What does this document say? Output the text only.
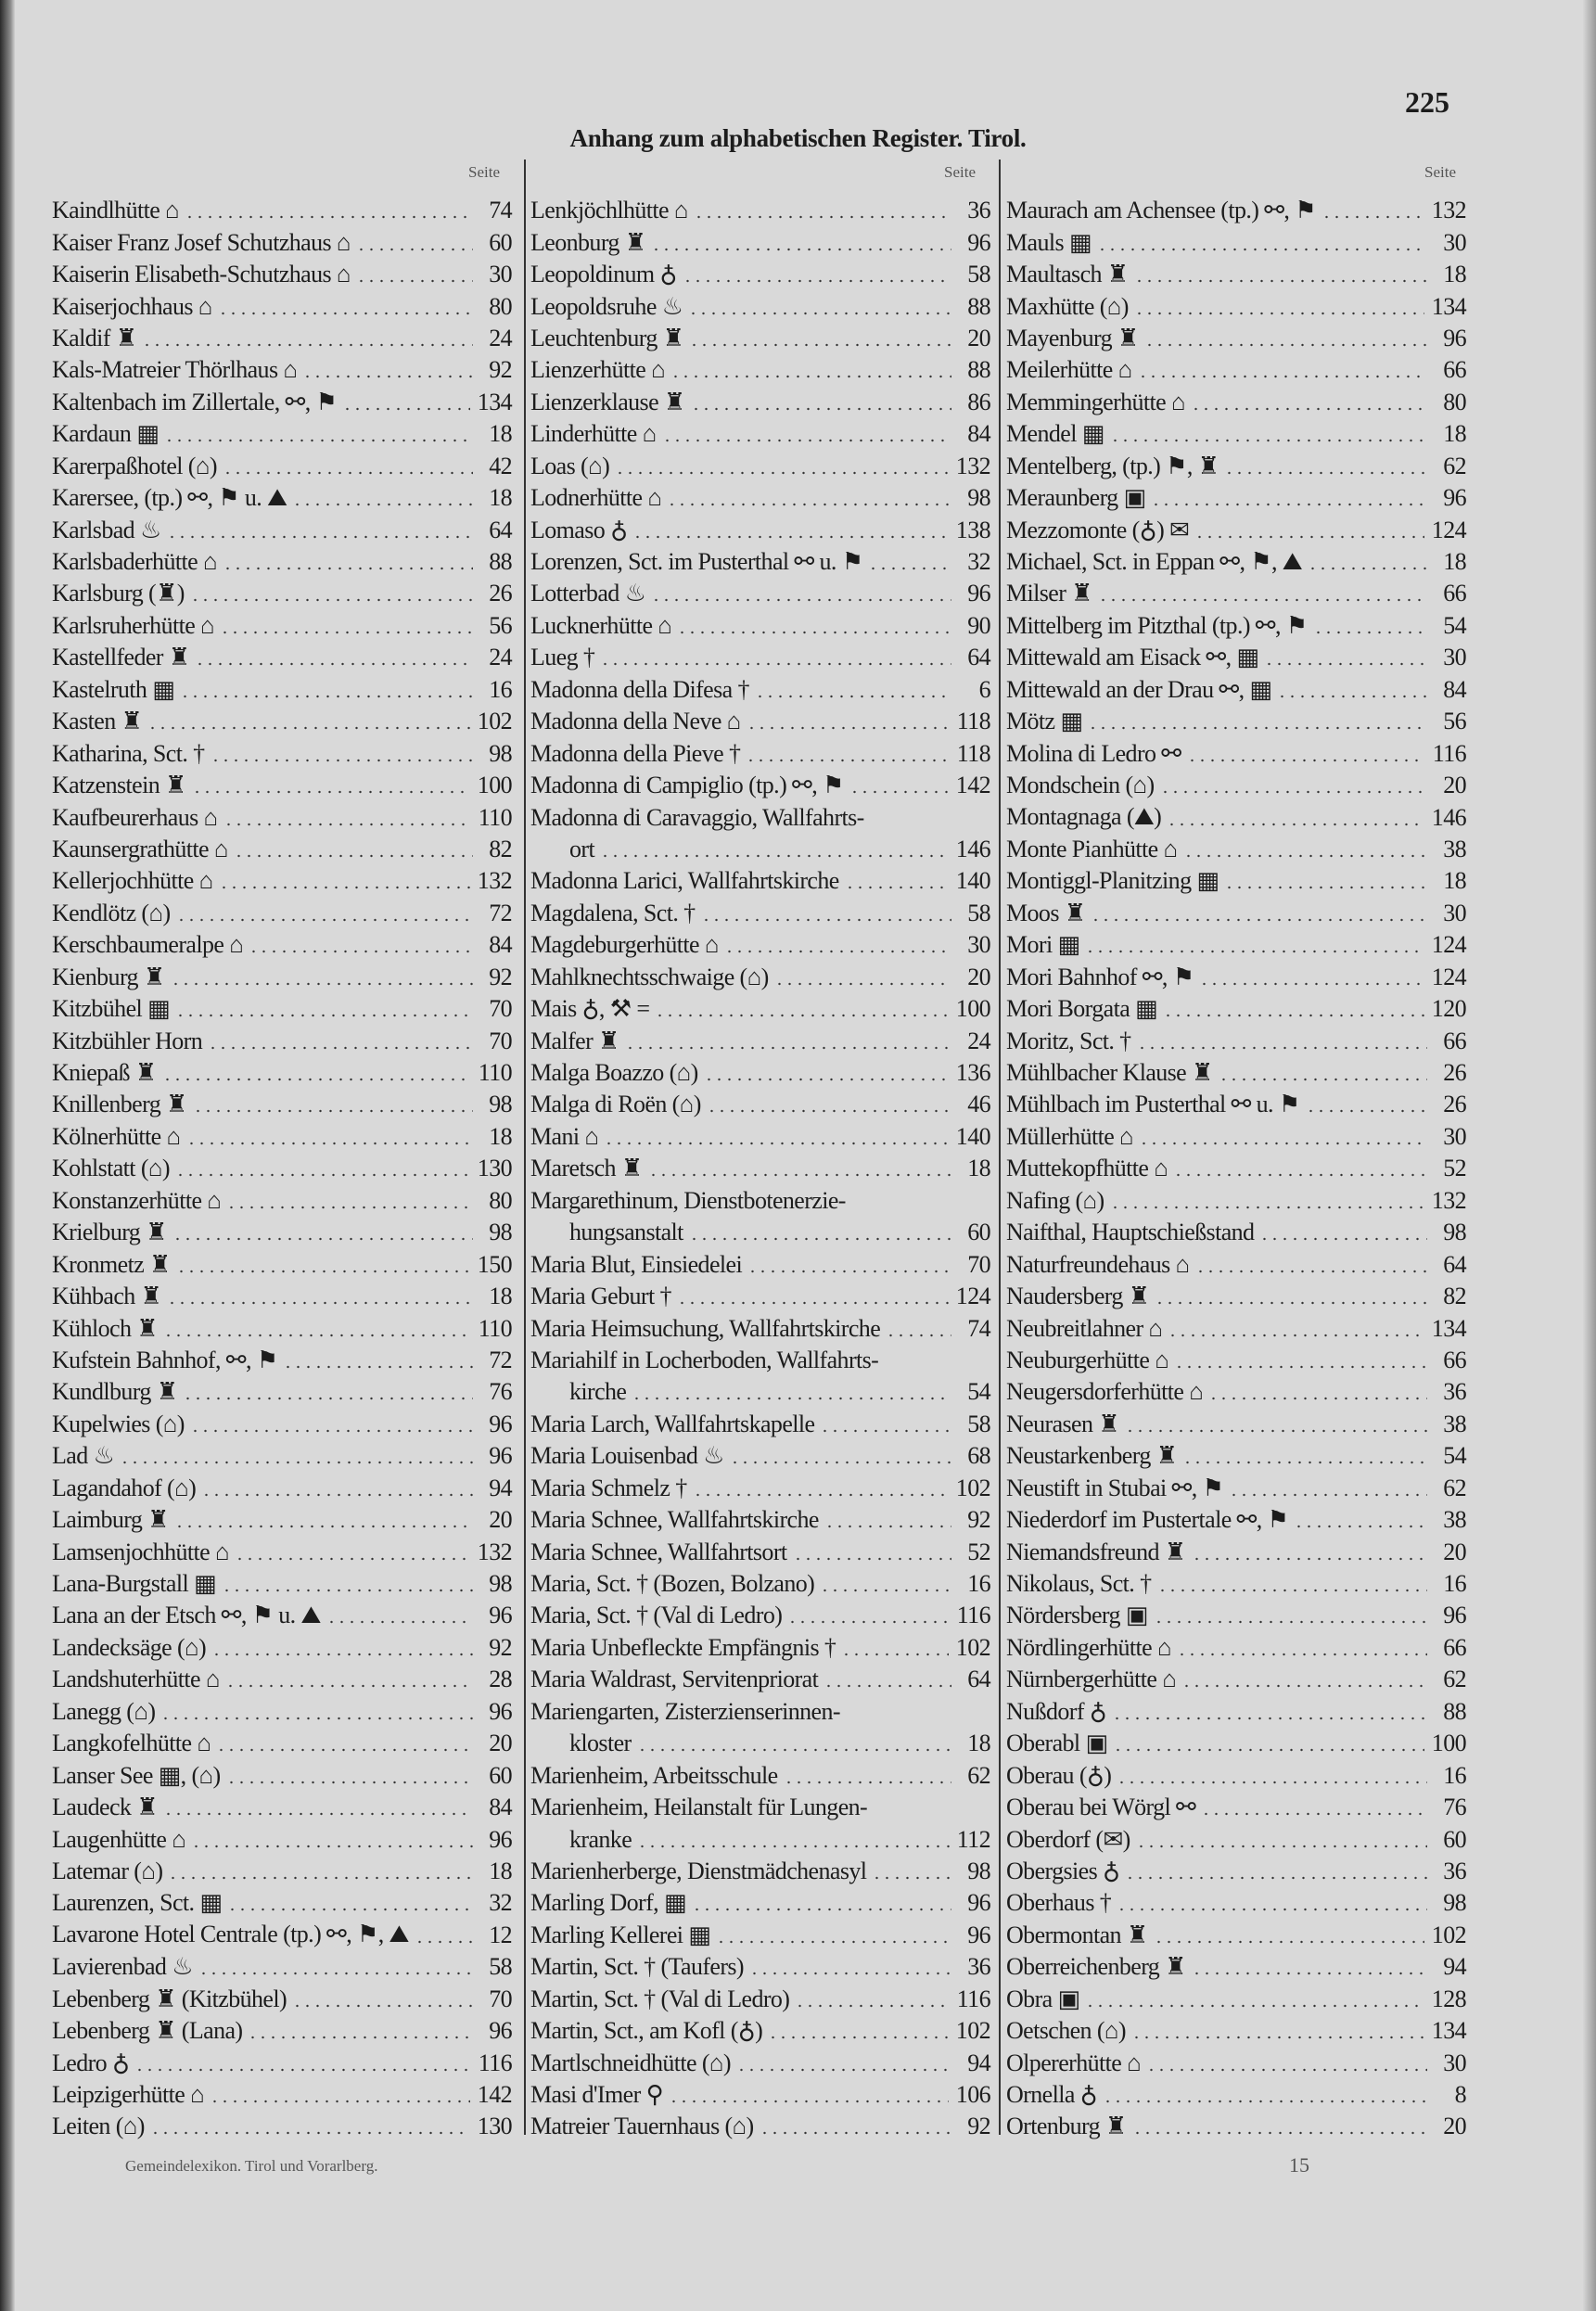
225
Anhang zum alphabetischen Register. Tirol.
Seite	Seite	Seite
Kaindlhütte ⌂	74
Kaiser Franz Josef Schutzhaus ⌂	60
Kaiserin Elisabeth-Schutzhaus ⌂	30
Kaiserjochhaus ⌂	80
Kaldif ♜	24
Kals-Matreier Thörlhaus ⌂	92
Kaltenbach im Zillertale, ⚯, ⚑	134
Kardaun ▦	18
Karerpaßhotel (⌂)	42
Karersee, (tp.) ⚯, ⚑ u. ⛰	18
Karlsbad ♨	64
Karlsbaderhütte ⌂	88
Karlsburg (♜)	26
Karlsruherhütte ⌂	56
Kastellfeder ♜	24
Kastelruth ▦	16
Kasten ♜	102
Katharina, Sct. †	98
Katzenstein ♜	100
Kaufbeurerhaus ⌂	110
Kaunsergrathütte ⌂	82
Kellerjochhütte ⌂	132
Kendlötz (⌂)	72
Kerschbaumeralpe ⌂	84
Kienburg ♜	92
Kitzbühel ▦	70
Kitzbühler Horn	70
Kniepaß ♜	110
Knillenberg ♜	98
Kölnerhütte ⌂	18
Kohlstatt (⌂)	130
Konstanzerhütte ⌂	80
Krielburg ♜	98
Kronmetz ♜	150
Kühbach ♜	18
Kühloch ♜	110
Kufstein Bahnhof, ⚯, ⚑	72
Kundlburg ♜	76
Kupelwies (⌂)	96
Lad ♨	96
Lagandahof (⌂)	94
Laimburg ♜	20
Lamsenjochhütte ⌂	132
Lana-Burgstall ▦	98
Lana an der Etsch ⚯, ⚑ u. ⛰	96
Landecksäge (⌂)	92
Landshuterhütte ⌂	28
Lanegg (⌂)	96
Langkofelhütte ⌂	20
Lanser See ▦, (⌂)	60
Laudeck ♜	84
Laugenhütte ⌂	96
Latemar (⌂)	18
Laurenzen, Sct. ▦	32
Lavarone Hotel Centrale (tp.) ⚯, ⚑, ⛰	12
Lavierenbad ♨	58
Lebenberg ♜ (Kitzbühel)	70
Lebenberg ♜ (Lana)	96
Ledro ♁	116
Leipzigerhütte ⌂	142
Leiten (⌂)	130
Lenkjöchlhütte ⌂	36
Leonburg ♜	96
Leopoldinum ♁	58
Leopoldsruhe ♨	88
Leuchtenburg ♜	20
Lienzerhütte ⌂	88
Lienzerklause ♜	86
Linderhütte ⌂	84
Loas (⌂)	132
Lodnerhütte ⌂	98
Lomaso ♁	138
Lorenzen, Sct. im Pusterthal ⚯ u. ⚑	32
Lotterbad ♨	96
Lucknerhütte ⌂	90
Lueg †	64
Madonna della Difesa †	6
Madonna della Neve ⌂	118
Madonna della Pieve †	118
Madonna di Campiglio (tp.) ⚯, ⚑	142
Madonna di Caravaggio, Wallfahrts-
ort	146
Madonna Larici, Wallfahrtskirche	140
Magdalena, Sct. †	58
Magdeburgerhütte ⌂	30
Mahlknechtsschwaige (⌂)	20
Mais ♁, ⚒ =	100
Malfer ♜	24
Malga Boazzo (⌂)	136
Malga di Roën (⌂)	46
Mani ⌂	140
Maretsch ♜	18
Margarethinum, Dienstbotenerzie-
hungsanstalt	60
Maria Blut, Einsiedelei	70
Maria Geburt †	124
Maria Heimsuchung, Wallfahrtskirche	74
Mariahilf in Locherboden, Wallfahrts-
kirche	54
Maria Larch, Wallfahrtskapelle	58
Maria Louisenbad ♨	68
Maria Schmelz †	102
Maria Schnee, Wallfahrtskirche	92
Maria Schnee, Wallfahrtsort	52
Maria, Sct. † (Bozen, Bolzano)	16
Maria, Sct. † (Val di Ledro)	116
Maria Unbefleckte Empfängnis †	102
Maria Waldrast, Servitenpriorat	64
Mariengarten, Zisterzienserinnen-
kloster	18
Marienheim, Arbeitsschule	62
Marienheim, Heilanstalt für Lungen-
kranke	112
Marienherberge, Dienstmädchenasyl	98
Marling Dorf, ▦	96
Marling Kellerei ▦	96
Martin, Sct. † (Taufers)	36
Martin, Sct. † (Val di Ledro)	116
Martin, Sct., am Kofl (♁)	102
Martlschneidhütte (⌂)	94
Masi d'Imer ⚲	106
Matreier Tauernhaus (⌂)	92
Maurach am Achensee (tp.) ⚯, ⚑	132
Mauls ▦	30
Maultasch ♜	18
Maxhütte (⌂)	134
Mayenburg ♜	96
Meilerhütte ⌂	66
Memmingerhütte ⌂	80
Mendel ▦	18
Mentelberg, (tp.) ⚑, ♜	62
Meraunberg ▣	96
Mezzomonte (♁) ✉	124
Michael, Sct. in Eppan ⚯, ⚑, ⛰	18
Milser ♜	66
Mittelberg im Pitzthal (tp.) ⚯, ⚑	54
Mittewald am Eisack ⚯, ▦	30
Mittewald an der Drau ⚯, ▦	84
Mötz ▦	56
Molina di Ledro ⚯	116
Mondschein (⌂)	20
Montagnaga (⛰)	146
Monte Pianhütte ⌂	38
Montiggl-Planitzing ▦	18
Moos ♜	30
Mori ▦	124
Mori Bahnhof ⚯, ⚑	124
Mori Borgata ▦	120
Moritz, Sct. †	66
Mühlbacher Klause ♜	26
Mühlbach im Pusterthal ⚯ u. ⚑	26
Müllerhütte ⌂	30
Muttekopfhütte ⌂	52
Nafing (⌂)	132
Naifthal, Hauptschießstand	98
Naturfreundehaus ⌂	64
Naudersberg ♜	82
Neubreitlahner ⌂	134
Neuburgerhütte ⌂	66
Neugersdorferhütte ⌂	36
Neurasen ♜	38
Neustarkenberg ♜	54
Neustift in Stubai ⚯, ⚑	62
Niederdorf im Pustertale ⚯, ⚑	38
Niemandsfreund ♜	20
Nikolaus, Sct. †	16
Nördersberg ▣	96
Nördlingerhütte ⌂	66
Nürnbergerhütte ⌂	62
Nußdorf ♁	88
Oberabl ▣	100
Oberau (♁)	16
Oberau bei Wörgl ⚯	76
Oberdorf (✉)	60
Obergsies ♁	36
Oberhaus †	98
Obermontan ♜	102
Oberreichenberg ♜	94
Obra ▣	128
Oetschen (⌂)	134
Olpererhütte ⌂	30
Ornella ♁	8
Ortenburg ♜	20
Gemeindelexikon. Tirol und Vorarlberg.	15
